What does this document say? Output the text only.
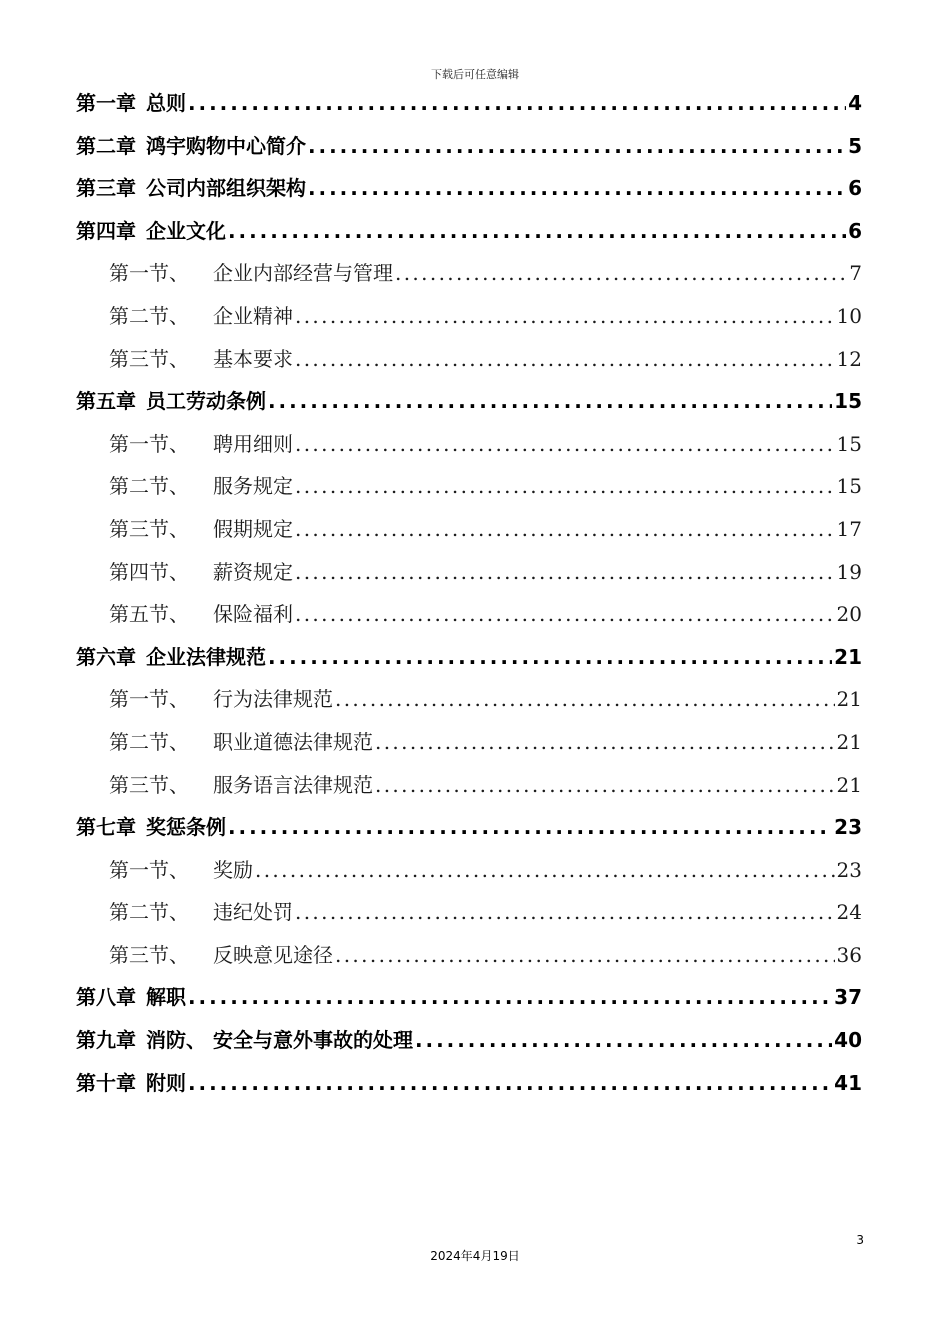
下载后可任意编辑
第一章 总则 . . .	4
第二章 鸿宇购物中心简介 . . .	5
第三章 公司内部组织架构 . . .	6
第四章 企业文化 . . .	6
第一节、	企业内部经营与管理 . . .	7
第二节、	企业精神 . . .	10
第三节、	基本要求 . . .	12
第五章 员工劳动条例 . . .	15
第一节、	聘用细则 . . .	15
第二节、	服务规定 . . .	15
第三节、	假期规定 . . .	17
第四节、	薪资规定 . . .	19
第五节、	保险福利 . . .	20
第六章 企业法律规范 . . .	21
第一节、	行为法律规范 . . .	21
第二节、	职业道德法律规范 . . .	21
第三节、	服务语言法律规范 . . .	21
第七章 奖惩条例 . . .	23
第一节、	奖励 . . .	23
第二节、	违纪处罚 . . .	24
第三节、	反映意见途径 . . .	36
第八章 解职 . . .	37
第九章 消防、 安全与意外事故的处理 . . .	40
第十章 附则 . . .	41
3
2024年4月19日
